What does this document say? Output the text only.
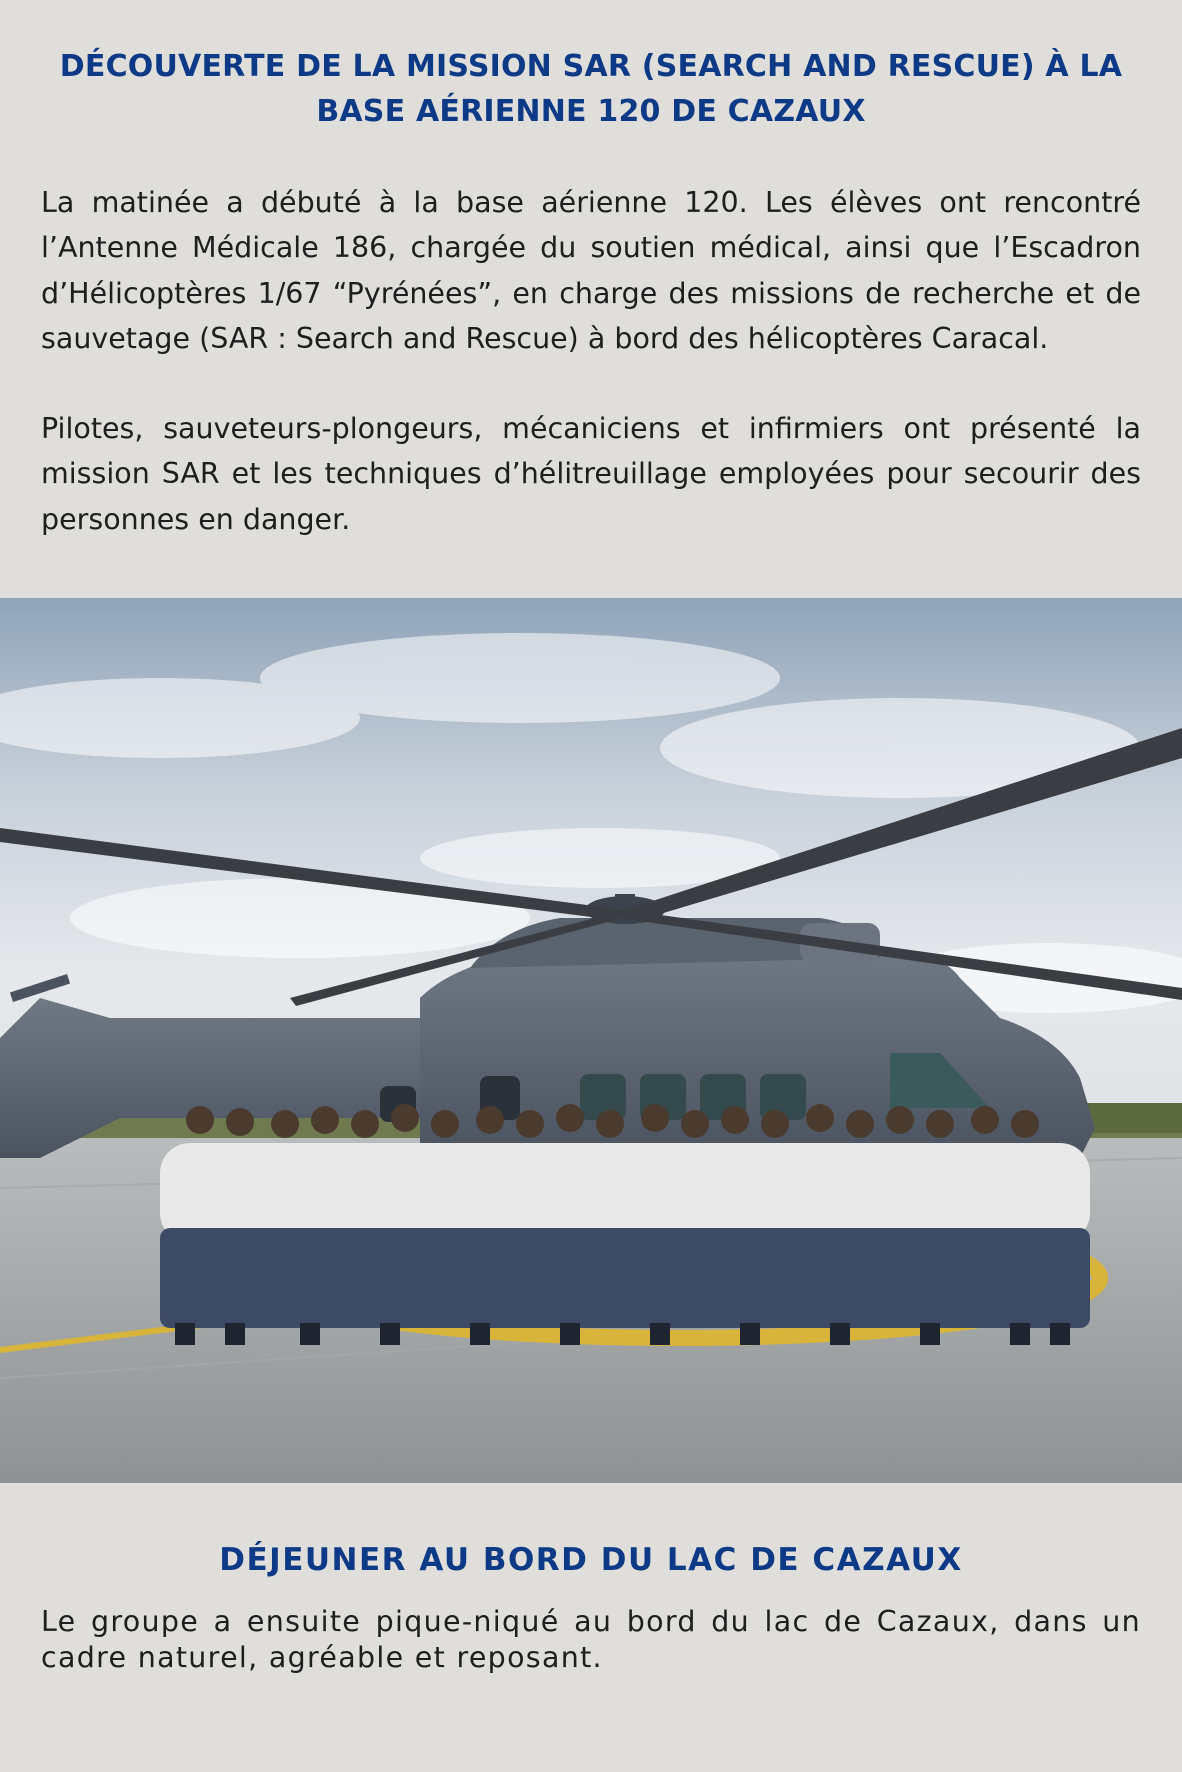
DÉCOUVERTE DE LA MISSION SAR (SEARCH AND RESCUE) À LA BASE AÉRIENNE 120 DE CAZAUX

La matinée a débuté à la base aérienne 120. Les élèves ont rencontré l’Antenne Médicale 186, chargée du soutien médical, ainsi que l’Escadron d’Hélicoptères 1/67 “Pyrénées”, en charge des missions de recherche et de sauvetage (SAR : Search and Rescue) à bord des hélicoptères Caracal.

Pilotes, sauveteurs-plongeurs, mécaniciens et infirmiers ont présenté la mission SAR et les techniques d’hélitreuillage employées pour secourir des personnes en danger.

DÉJEUNER AU BORD DU LAC DE CAZAUX

Le groupe a ensuite pique-niqué au bord du lac de Cazaux, dans un cadre naturel, agréable et reposant.
